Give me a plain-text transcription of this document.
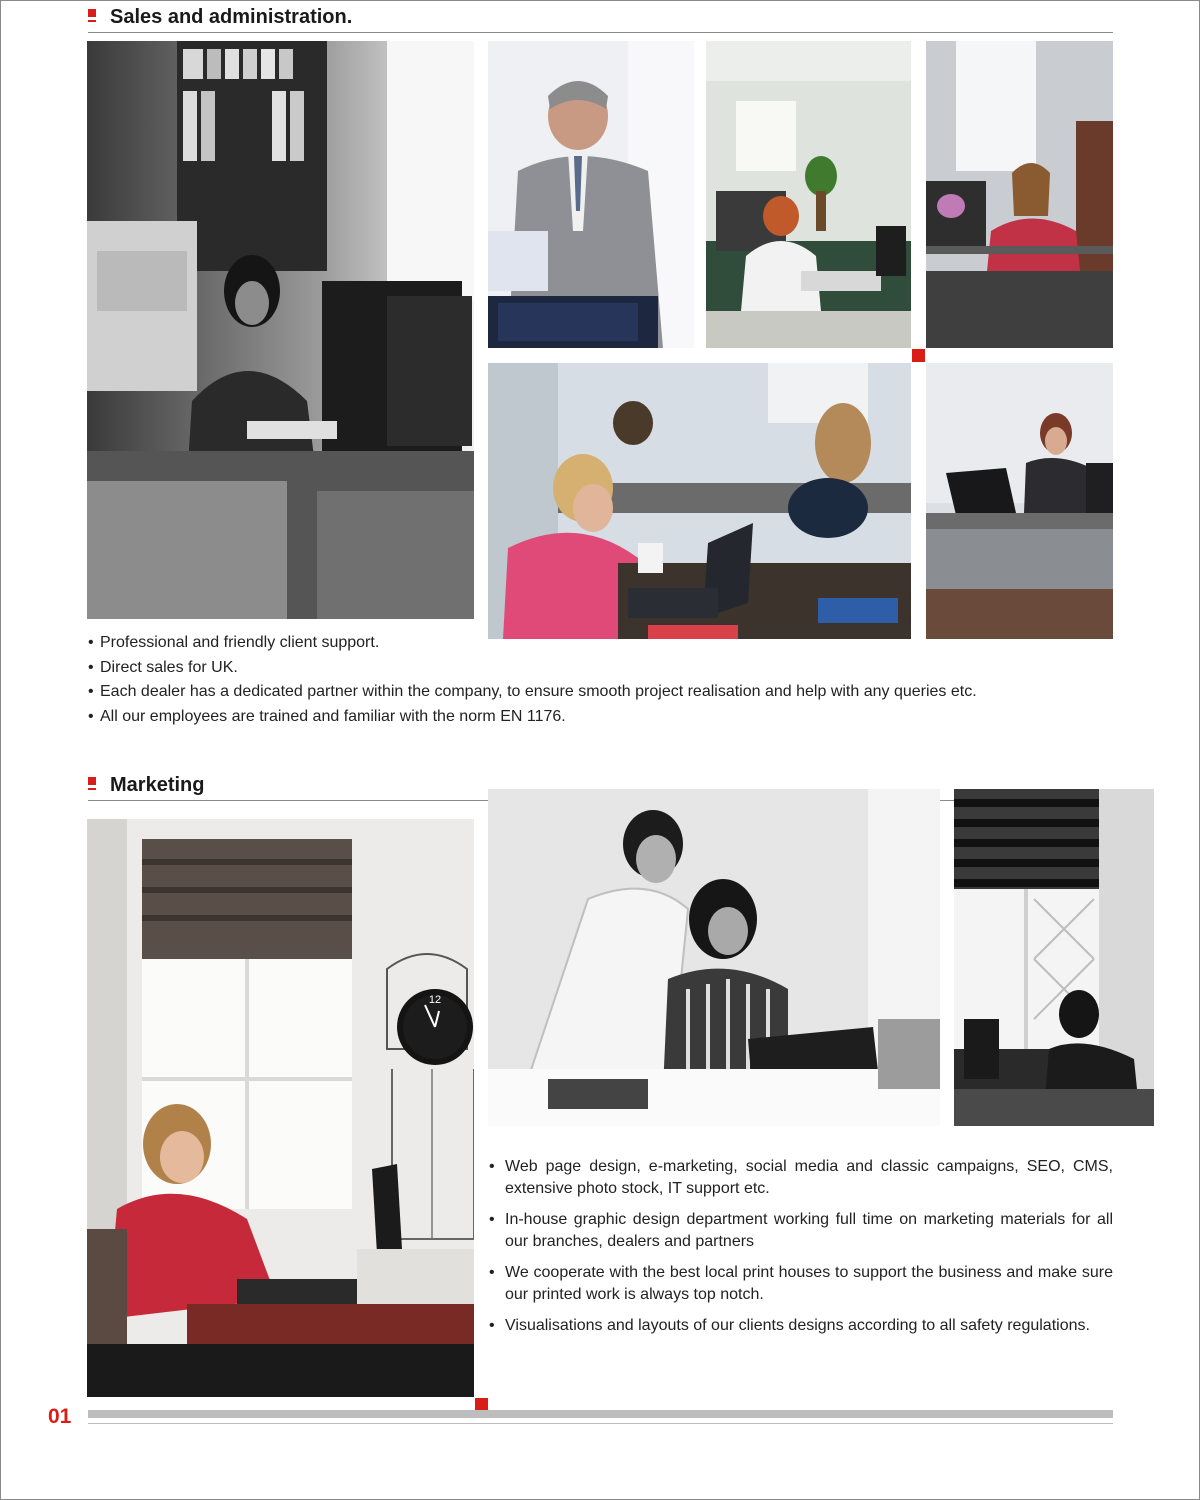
Sales and administration.
• Professional and friendly client support.
• Direct sales for UK.
• Each dealer has a dedicated partner within the company, to ensure smooth project realisation and help with any queries etc.
• All our employees are trained and familiar with the norm EN 1176.
Marketing
12
• Web page design, e-marketing, social media and classic campaigns, SEO, CMS, extensive photo stock, IT support etc.
• In-house graphic design department working full time on marketing materials for all our branches, dealers and partners
• We cooperate with the best local print houses to support the business and make sure our printed work is always top notch.
• Visualisations and layouts of our clients designs according to all safety regulations.
01
